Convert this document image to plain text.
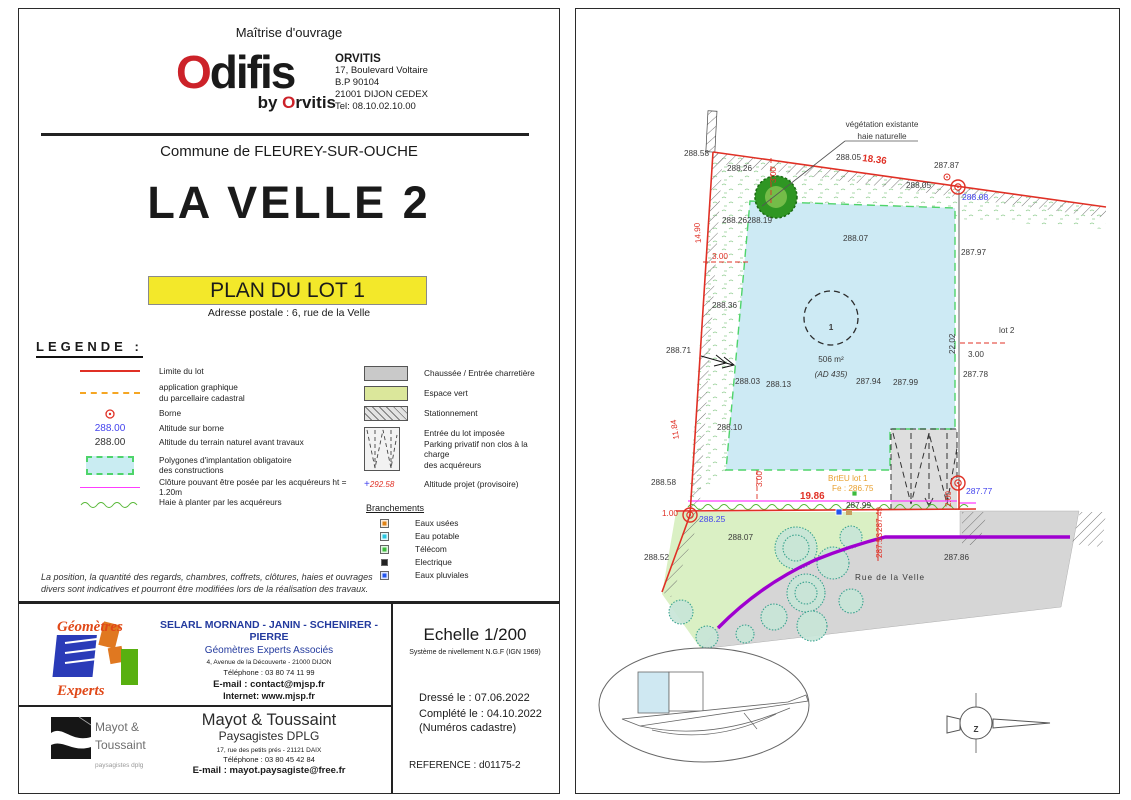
Maîtrise d'ouvrage
Odifis
by Orvitis
ORVITIS
17, Boulevard Voltaire
B.P 90104
21001 DIJON CEDEX
Tel: 08.10.02.10.00
Commune de FLEUREY-SUR-OUCHE
LA VELLE 2
PLAN DU LOT 1
Adresse postale : 6, rue de la Velle
LEGENDE :
Limite du lot
application graphique
du parcellaire cadastral
Borne
288.00	Altitude sur borne
288.00	Altitude du terrain naturel avant travaux
Polygones d'implantation obligatoire
des constructions
Clôture pouvant être posée par les acquéreurs ht = 1.20m
Haie à planter par les acquéreurs
Chaussée / Entrée charretière
Espace vert
Stationnement
Entrée du lot imposée
Parking privatif non clos à la charge
des acquéreurs
+ 292.58	Altitude projet (provisoire)
Branchements
Eaux usées
Eau potable
Télécom
Electrique
Eaux pluviales
La position, la quantité des regards, chambres, coffrets, clôtures, haies et ouvrages
divers sont indicatives et pourront être modifiées lors de la réalisation des travaux.
Géomètres
Experts
SELARL MORNAND - JANIN - SCHENIRER - PIERRE
Géomètres Experts Associés
4, Avenue de la Découverte - 21000 DIJON
Téléphone : 03 80 74 11 99
E-mail : contact@mjsp.fr
Internet: www.mjsp.fr
Mayot &
Toussaint
paysagistes dplg
Mayot & Toussaint
Paysagistes DPLG
17, rue des petits prés - 21121 DAIX
Téléphone : 03 80 45 42 84
E-mail : mayot.paysagiste@free.fr
Echelle 1/200
Système de nivellement N.G.F (IGN 1969)
Dressé le : 07.06.2022
Complété le : 04.10.2022
(Numéros cadastre)
REFERENCE : d01175-2
Z
végétation existante
haie naturelle
18.36
14.90
11.84
3.00
3.00
3.00
3.00
19.86
22.02
2.00
1.00
288.58
288.26
288.05
287.87
288.05
288.08
287.97
288.26 288.19
288.07
288.36
288.71
288.03 288.13	287.94 287.99
288.10
287.78
287.99
288.25
287.77
288.58
288.52
288.07
287.86
287.49
287.53
1
506 m²
(AD 435)
lot 2
BrtEU lot 1
Fe : 286.75
Rue de la Velle
